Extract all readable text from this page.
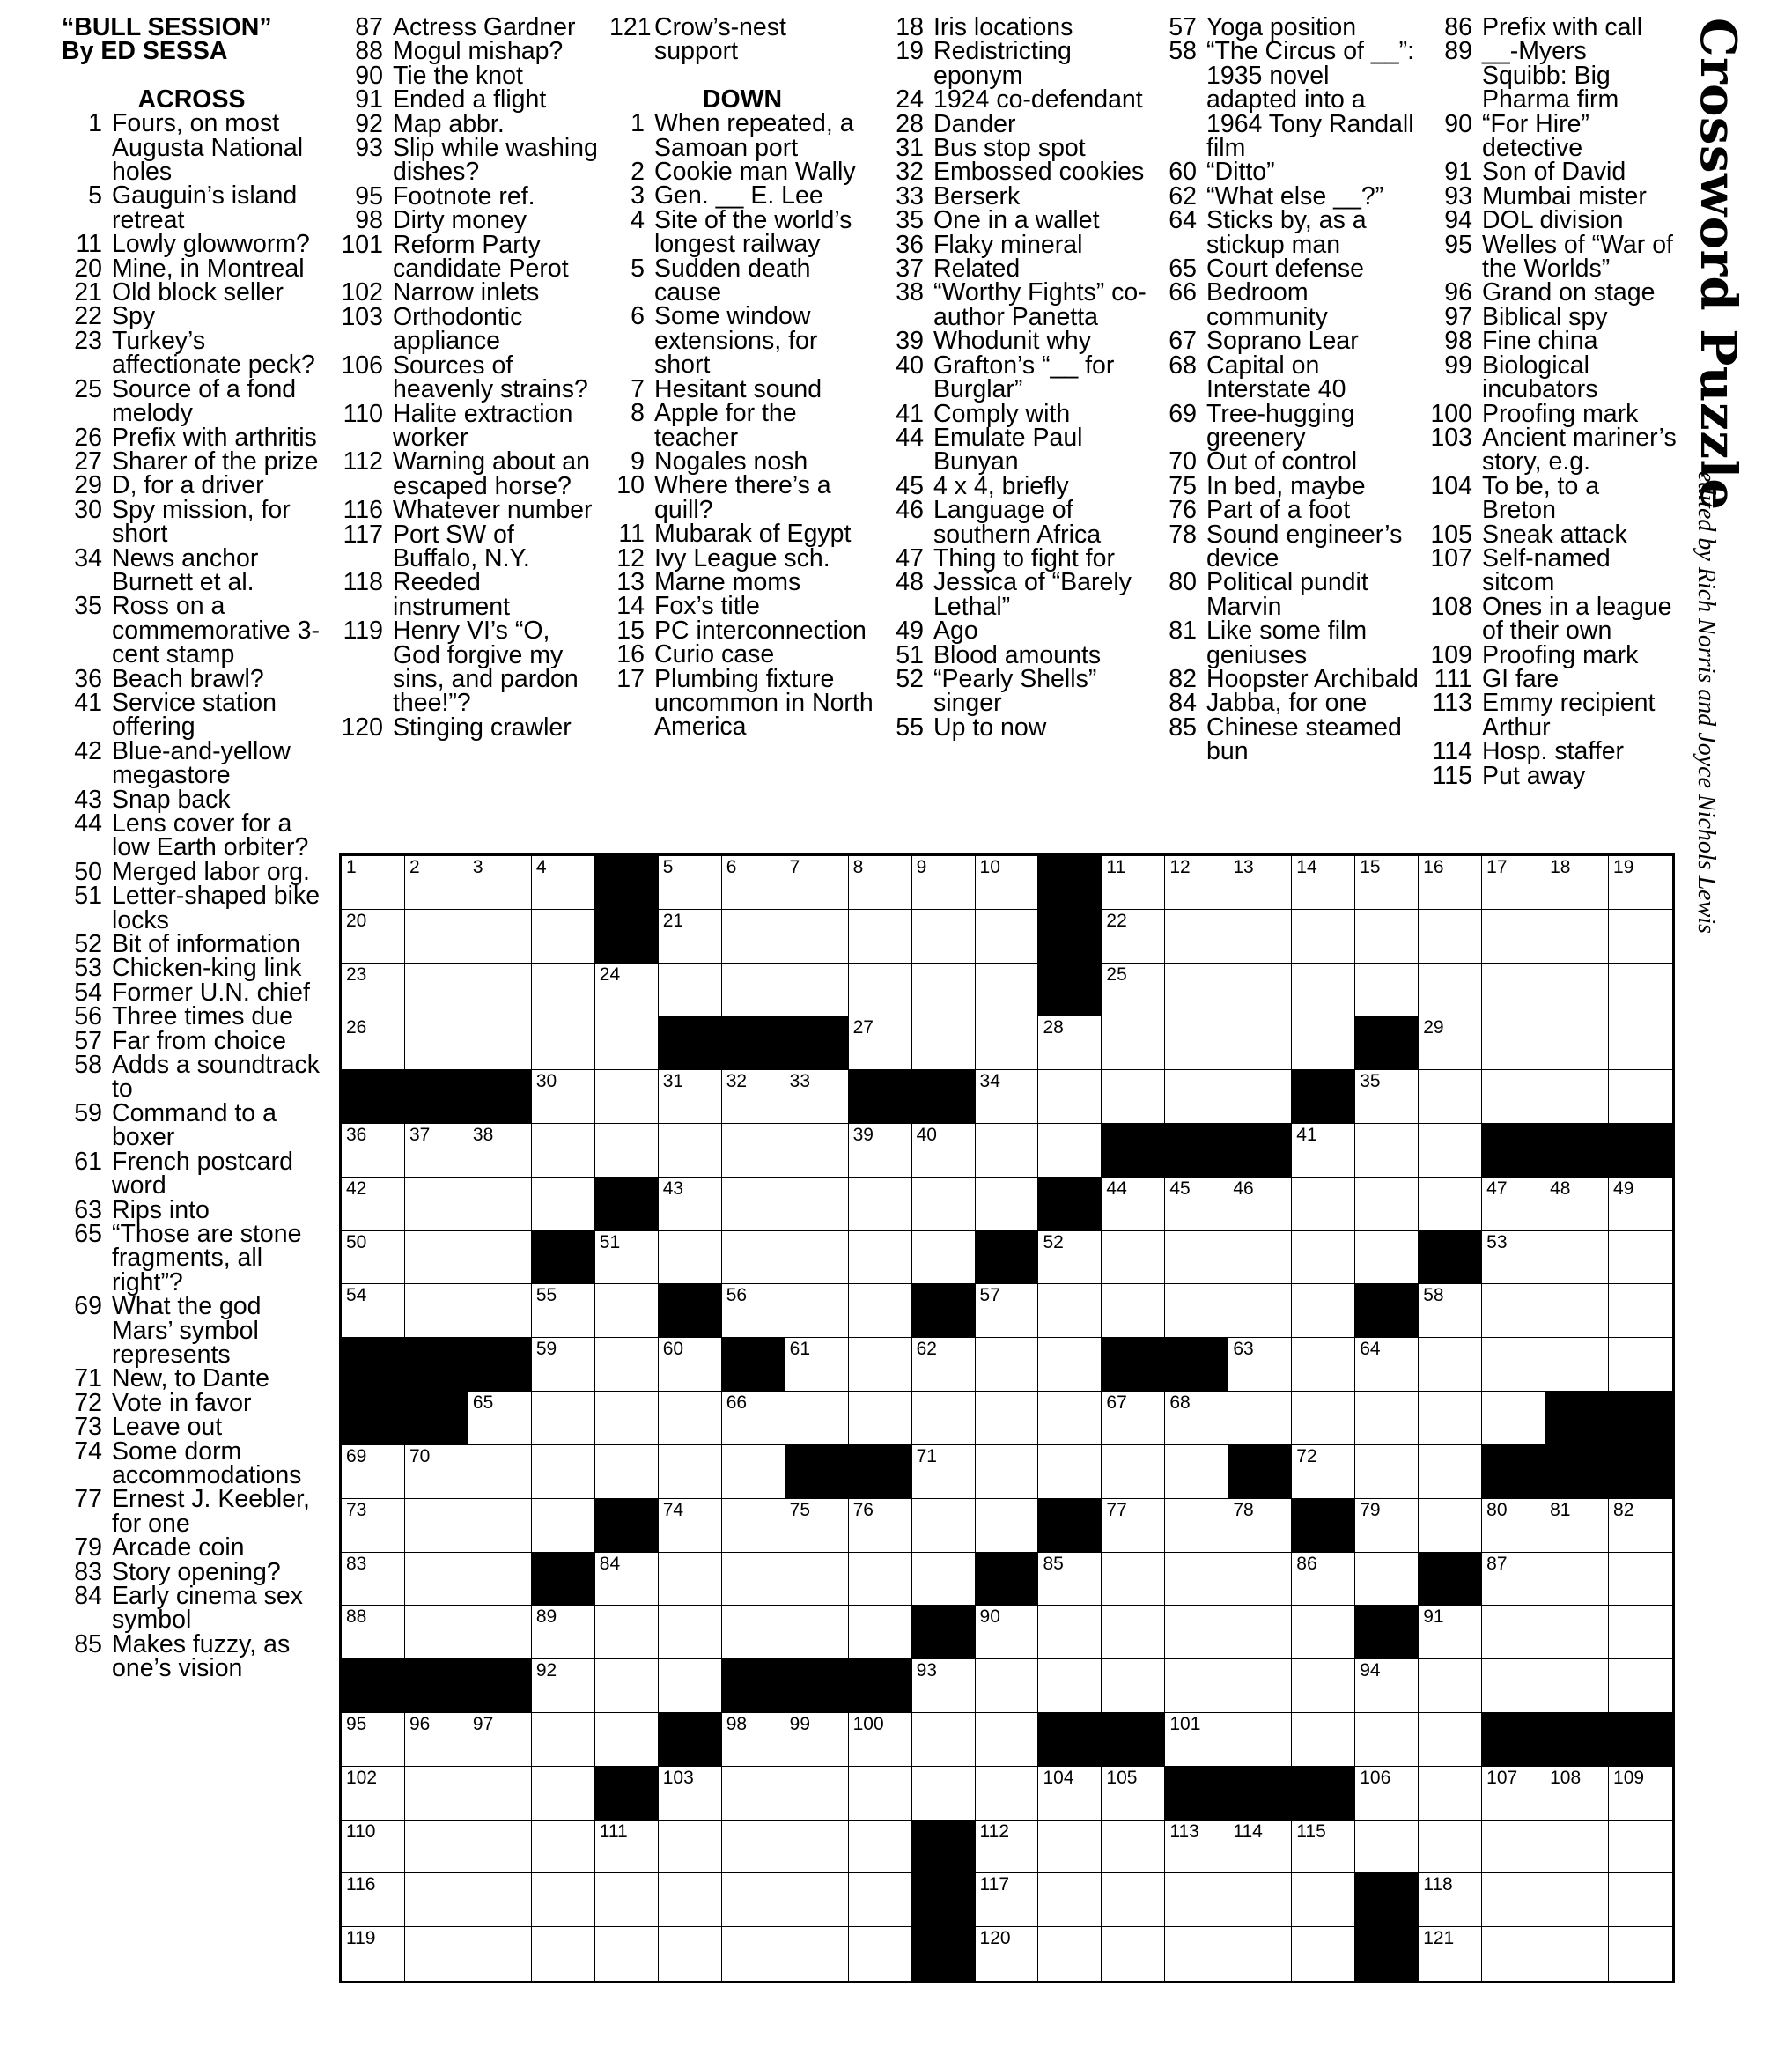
“BULL SESSION”
By ED SESSA
ACROSS
1 Fours, on most Augusta National holes
5 Gauguin’s island retreat
11 Lowly glowworm?
20 Mine, in Montreal
21 Old block seller
22 Spy
23 Turkey’s affectionate peck?
25 Source of a fond melody
26 Prefix with arthritis
27 Sharer of the prize
29 D, for a driver
30 Spy mission, for short
34 News anchor Burnett et al.
35 Ross on a commemorative 3-cent stamp
36 Beach brawl?
41 Service station offering
42 Blue-and-yellow megastore
43 Snap back
44 Lens cover for a low Earth orbiter?
50 Merged labor org.
51 Letter-shaped bike locks
52 Bit of information
53 Chicken-king link
54 Former U.N. chief
56 Three times due
57 Far from choice
58 Adds a soundtrack to
59 Command to a boxer
61 French postcard word
63 Rips into
65 “Those are stone fragments, all right”?
69 What the god Mars’ symbol represents
71 New, to Dante
72 Vote in favor
73 Leave out
74 Some dorm accommodations
77 Ernest J. Keebler, for one
79 Arcade coin
83 Story opening?
84 Early cinema sex symbol
85 Makes fuzzy, as one’s vision
87 Actress Gardner
88 Mogul mishap?
90 Tie the knot
91 Ended a flight
92 Map abbr.
93 Slip while washing dishes?
95 Footnote ref.
98 Dirty money
101 Reform Party candidate Perot
102 Narrow inlets
103 Orthodontic appliance
106 Sources of heavenly strains?
110 Halite extraction worker
112 Warning about an escaped horse?
116 Whatever number
117 Port SW of Buffalo, N.Y.
118 Reeded instrument
119 Henry VI’s “O, God forgive my sins, and pardon thee!”?
120 Stinging crawler
121 Crow’s-nest support
DOWN
1 When repeated, a Samoan port
2 Cookie man Wally
3 Gen. __ E. Lee
4 Site of the world’s longest railway
5 Sudden death cause
6 Some window extensions, for short
7 Hesitant sound
8 Apple for the teacher
9 Nogales nosh
10 Where there’s a quill?
11 Mubarak of Egypt
12 Ivy League sch.
13 Marne moms
14 Fox’s title
15 PC interconnection
16 Curio case
17 Plumbing fixture uncommon in North America
18 Iris locations
19 Redistricting eponym
24 1924 co-defendant
28 Dander
31 Bus stop spot
32 Embossed cookies
33 Berserk
35 One in a wallet
36 Flaky mineral
37 Related
38 “Worthy Fights” co-author Panetta
39 Whodunit why
40 Grafton’s “__ for Burglar”
41 Comply with
44 Emulate Paul Bunyan
45 4 x 4, briefly
46 Language of southern Africa
47 Thing to fight for
48 Jessica of “Barely Lethal”
49 Ago
51 Blood amounts
52 “Pearly Shells” singer
55 Up to now
57 Yoga position
58 “The Circus of __”: 1935 novel adapted into a 1964 Tony Randall film
60 “Ditto”
62 “What else __?”
64 Sticks by, as a stickup man
65 Court defense
66 Bedroom community
67 Soprano Lear
68 Capital on Interstate 40
69 Tree-hugging greenery
70 Out of control
75 In bed, maybe
76 Part of a foot
78 Sound engineer’s device
80 Political pundit Marvin
81 Like some film geniuses
82 Hoopster Archibald
84 Jabba, for one
85 Chinese steamed bun
86 Prefix with call
89 __-Myers Squibb: Big Pharma firm
90 “For Hire” detective
91 Son of David
93 Mumbai mister
94 DOL division
95 Welles of “War of the Worlds”
96 Grand on stage
97 Biblical spy
98 Fine china
99 Biological incubators
100 Proofing mark
103 Ancient mariner’s story, e.g.
104 To be, to a Breton
105 Sneak attack
107 Self-named sitcom
108 Ones in a league of their own
109 Proofing mark
111 GI fare
113 Emmy recipient Arthur
114 Hosp. staffer
115 Put away
Crossword Puzzle
edited by Rich Norris and Joyce Nichols Lewis
1	2	3	4	5	6	7	8	9	10	11 12 13 14 15 16 17 18 19
20	21	22
23	24	25
26	27	28	29
30	31 32 33	34	35
36 37 38	39 40	41
42	43	44 45 46	47 48 49
50	51	52	53
54	55	56	57	58
59	60	61	62	63	64
65	66	67 68
69 70	71	72
73	74	75 76	77	78	79	80 81 82
83	84	85	86	87
88	89	90	91
92	93	94
95 96 97	98 99 100	101
102	103	104 105	106	107 108 109
110	111	112	113 114 115
116	117	118
119	120	121
